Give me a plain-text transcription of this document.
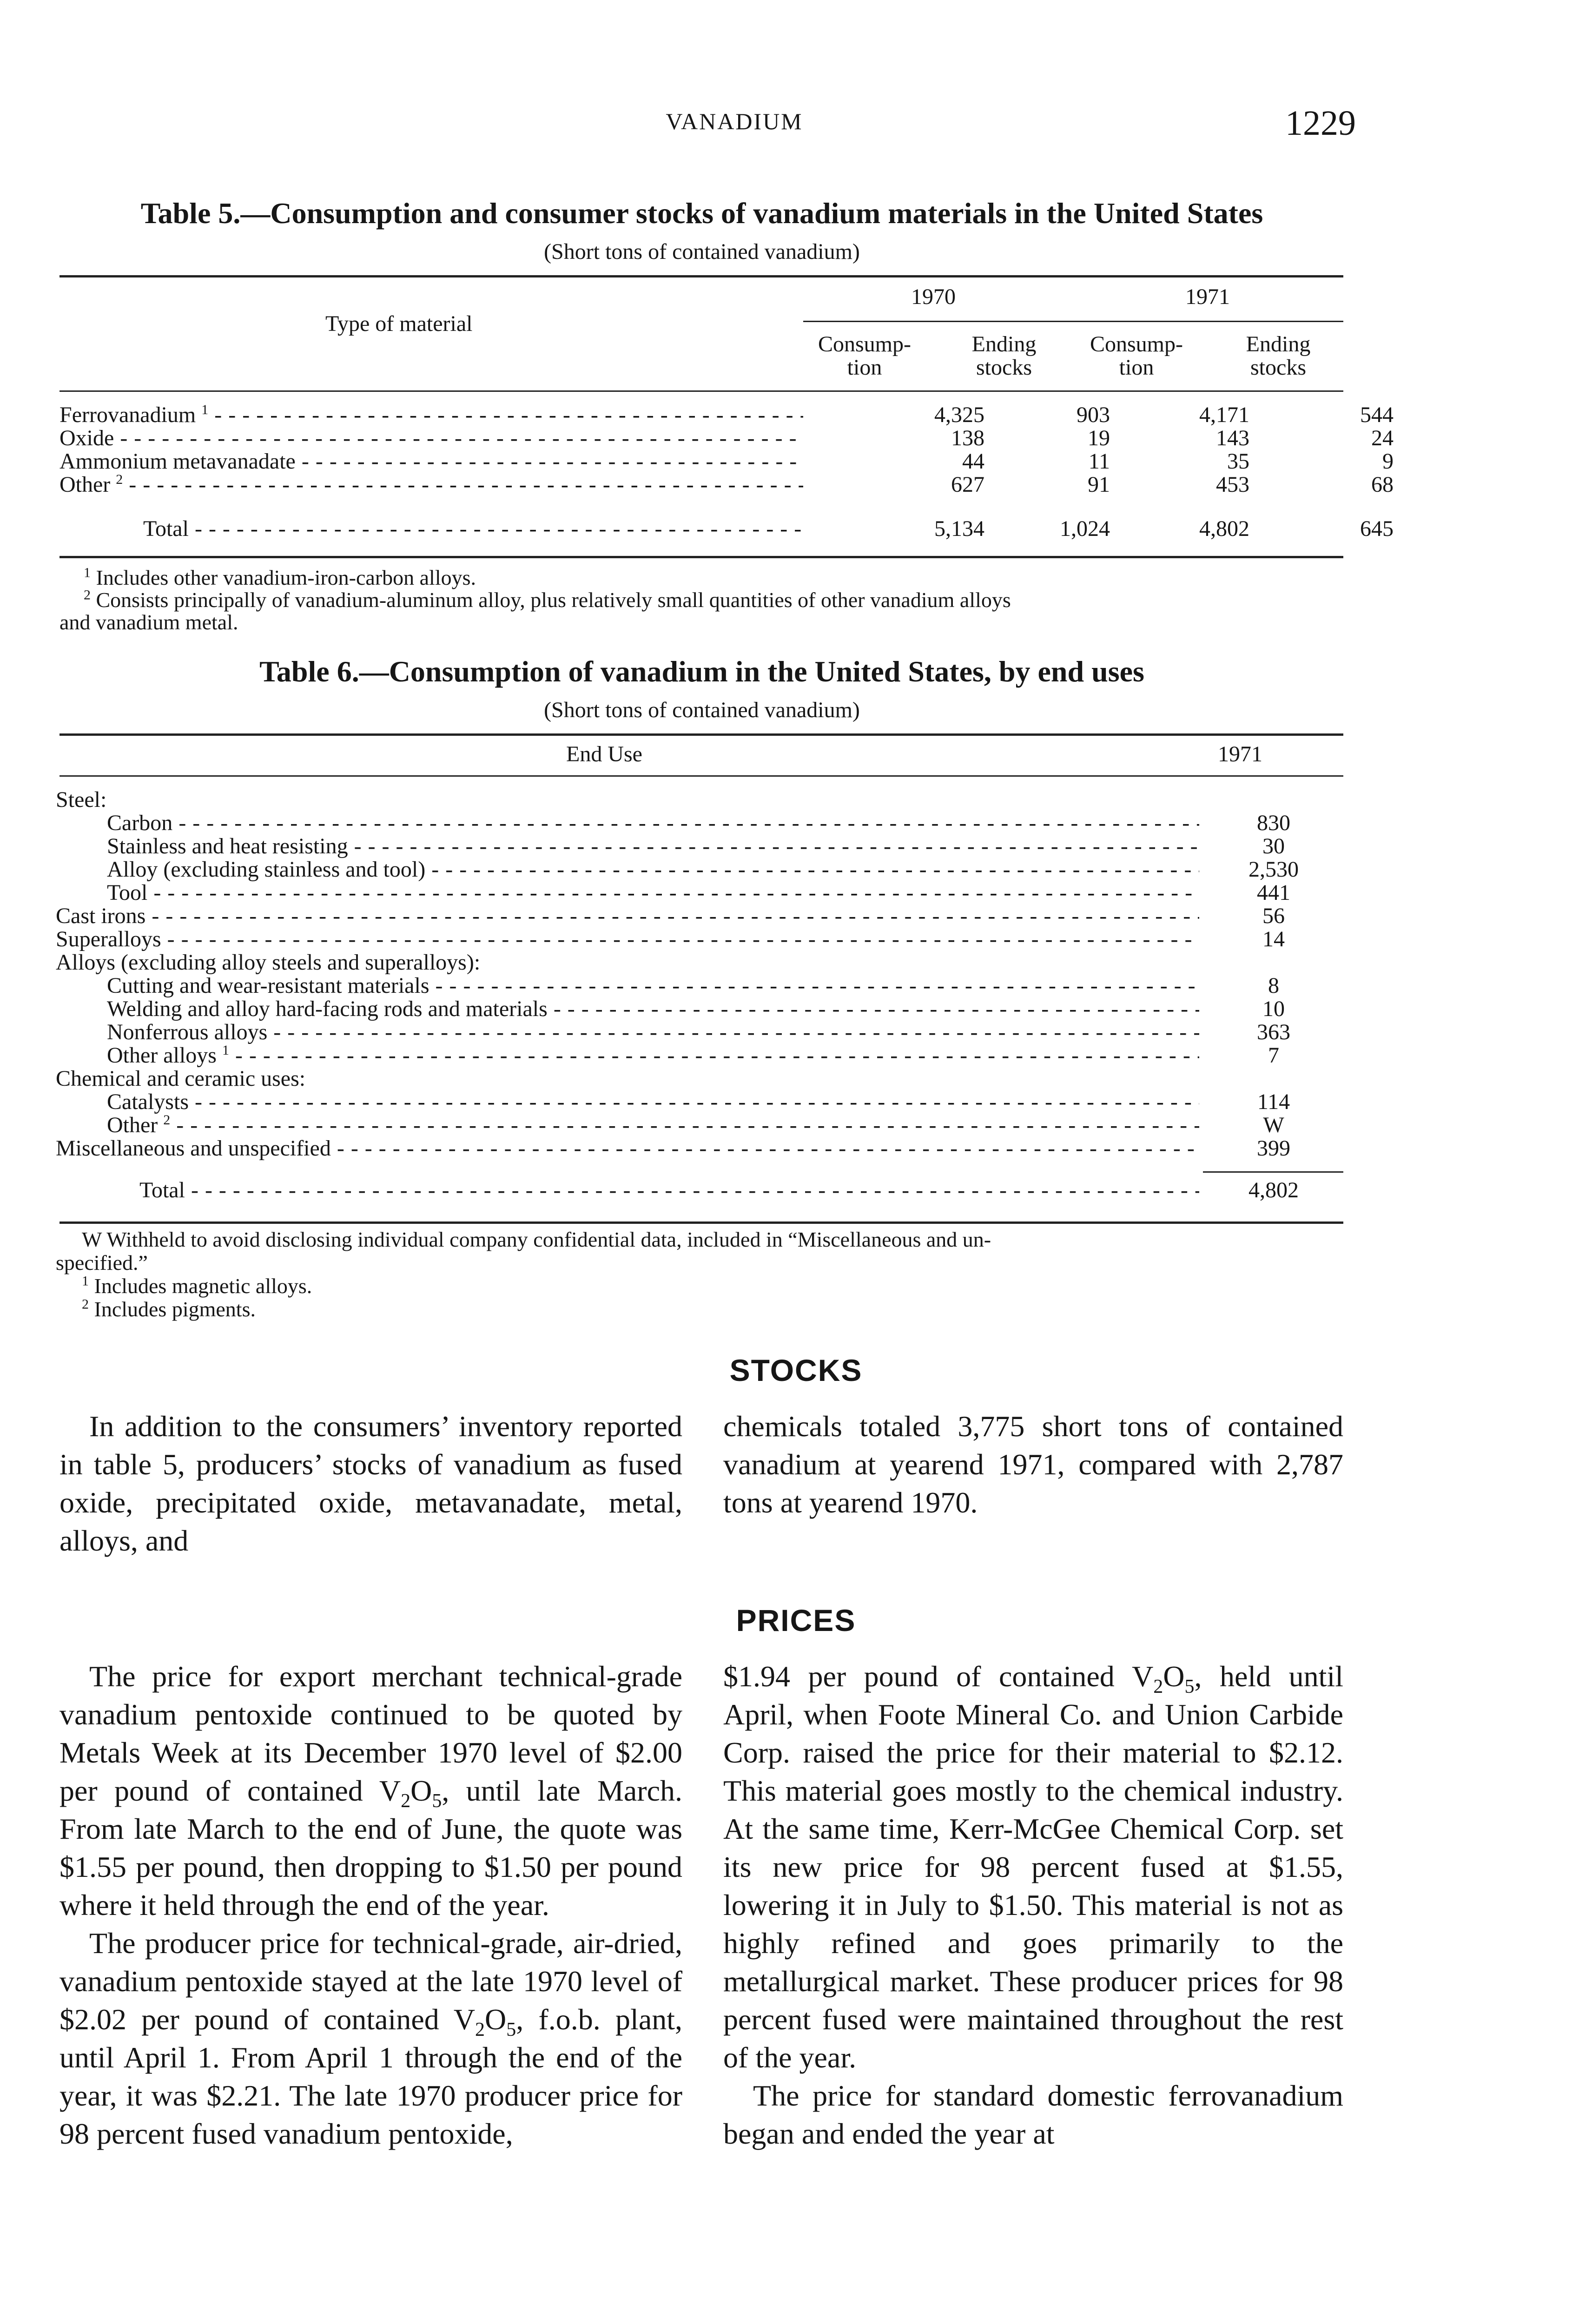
VANADIUM	1229
Table 5.—Consumption and consumer stocks of vanadium materials in the United States
(Short tons of contained vanadium)
Type of material
1970	1971
Consump-
tion
Ending
stocks
Consump-
tion
Ending
stocks
Ferrovanadium $^1$ - - -	4,325	903	4,171	544
Oxide - - -	138	19	143	24
Ammonium metavanadate - - -	44	11	35	9
Other $^2$ - - -	627	91	453	68
Total - - -	5,134	1,024	4,802	645
$^1$ Includes other vanadium-iron-carbon alloys.
$^2$ Consists principally of vanadium-aluminum alloy, plus relatively small quantities of other vanadium alloys
and vanadium metal.
Table 6.—Consumption of vanadium in the United States, by end uses
(Short tons of contained vanadium)
End Use	1971
Steel:
Carbon - - -	830
Stainless and heat resisting - - -	30
Alloy (excluding stainless and tool) - - -	2,530
Tool - - -	441
Cast irons - - -	56
Superalloys - - -	14
Alloys (excluding alloy steels and superalloys):
Cutting and wear-resistant materials - - -	8
Welding and alloy hard-facing rods and materials - - -	10
Nonferrous alloys - - -	363
Other alloys $^1$ - - -	7
Chemical and ceramic uses:
Catalysts - - -	114
Other $^2$ - - -	W
Miscellaneous and unspecified - - -	399
Total - - -	4,802
W Withheld to avoid disclosing individual company confidential data, included in “Miscellaneous and un-
specified.”
$^1$ Includes magnetic alloys.
$^2$ Includes pigments.
STOCKS
In addition to the consumers’ inventory reported in table 5, producers’ stocks of vanadium as fused oxide, precipitated oxide, metavanadate, metal, alloys, and
chemicals totaled 3,775 short tons of contained vanadium at yearend 1971, compared with 2,787 tons at yearend 1970.
PRICES

The price for export merchant technical-grade vanadium pentoxide continued to be quoted by Metals Week at its December 1970 level of $2.00 per pound of contained $V_2O_5$, until late March. From late March to the end of June, the quote was $1.55 per pound, then dropping to $1.50 per pound where it held through the end of the year.

The producer price for technical-grade, air-dried, vanadium pentoxide stayed at the late 1970 level of $2.02 per pound of contained $V_2O_5$, f.o.b. plant, until April 1. From April 1 through the end of the year, it was $2.21. The late 1970 producer price for 98 percent fused vanadium pentoxide,

$1.94 per pound of contained $V_2O_5$, held until April, when Foote Mineral Co. and Union Carbide Corp. raised the price for their material to $2.12. This material goes mostly to the chemical industry. At the same time, Kerr-McGee Chemical Corp. set its new price for 98 percent fused at $1.55, lowering it in July to $1.50. This material is not as highly refined and goes primarily to the metallurgical market. These producer prices for 98 percent fused were maintained throughout the rest of the year.

The price for standard domestic ferrovanadium began and ended the year at
